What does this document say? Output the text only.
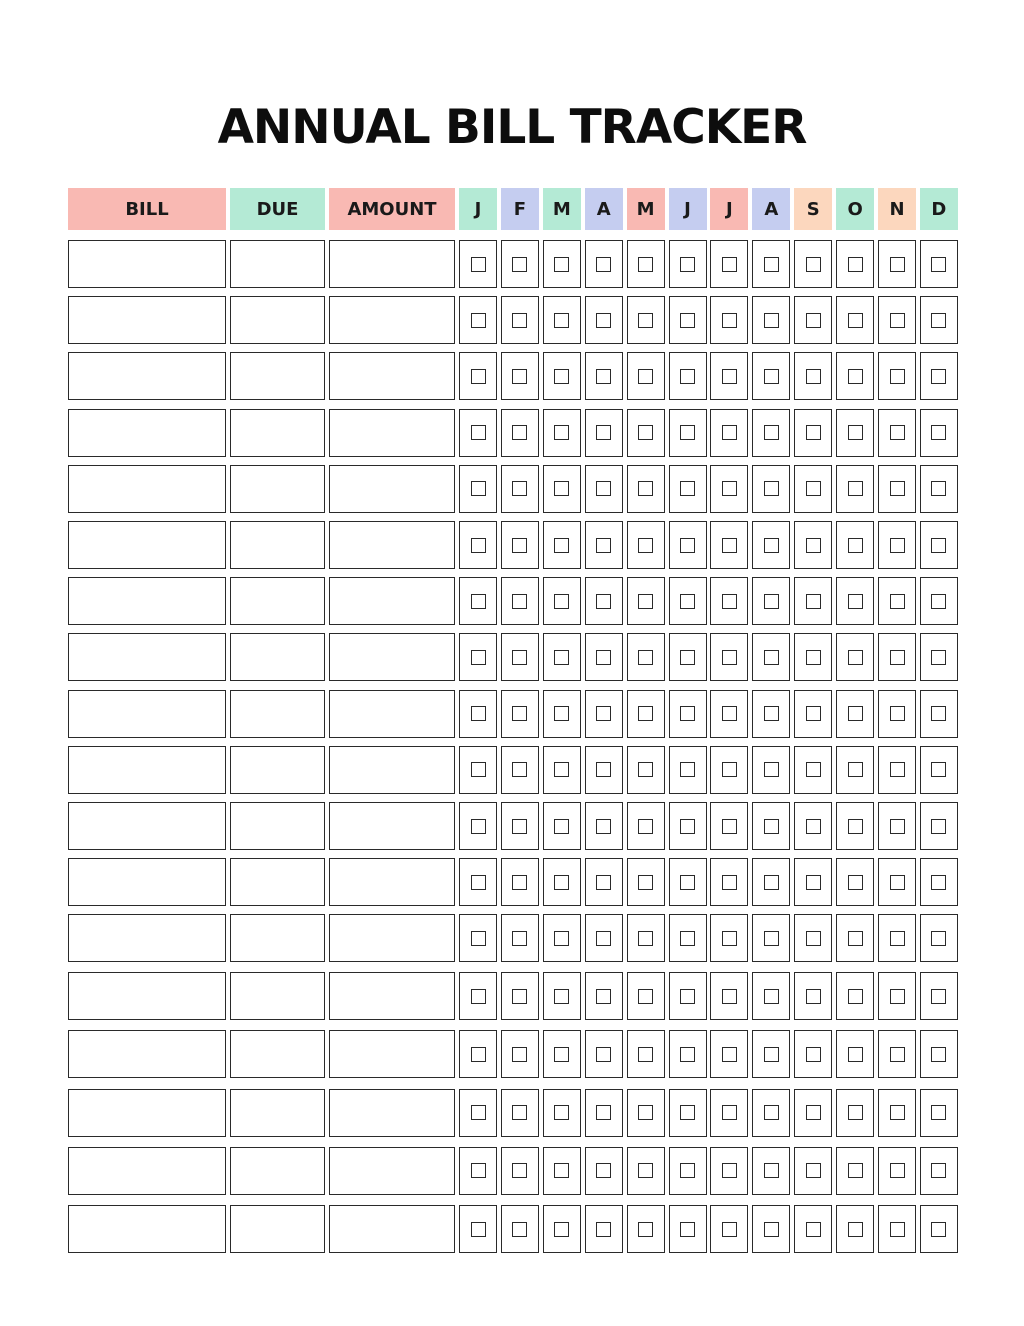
ANNUAL BILL TRACKER
BILL	DUE	AMOUNT	J	F	M	A	M	J	J	A	S	O	N	D
